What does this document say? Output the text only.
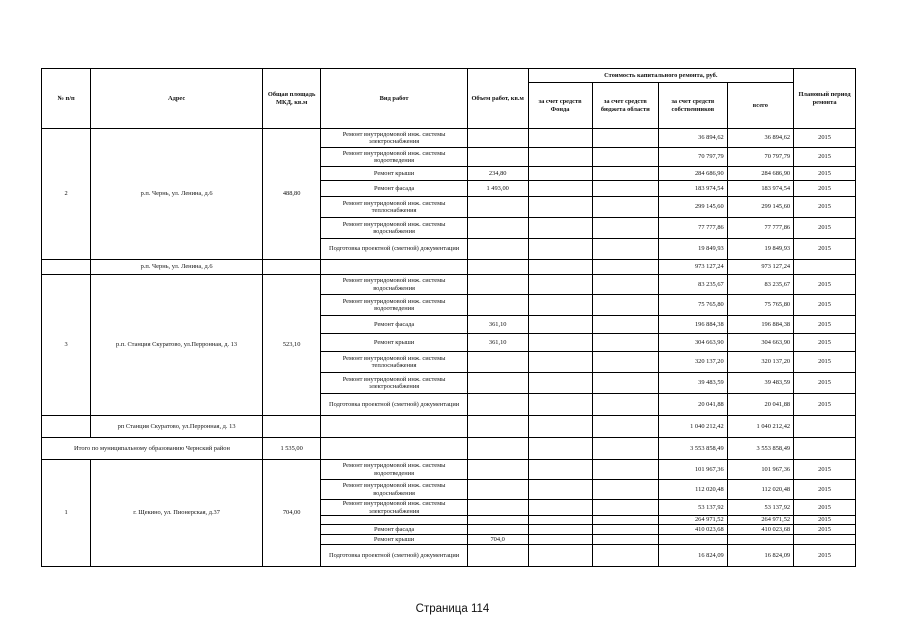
№ п/п	Адрес	Общая площадь МКД, кв.м	Вид работ	Объем работ, кв.м	Стоимость капитального ремонта, руб.				Плановый период ремонта
					за счет средств Фонда	за счет средств бюджета области	за счет средств собственников	всего	
2	р.п. Чернь, ул. Ленина, д.6	488,80	Ремонт внутридомовой инж. системы электроснабжения				36 894,62	36 894,62	2015
			Ремонт внутридомовой инж. системы водоотведения				70 797,79	70 797,79	2015
			Ремонт крыши	234,80			284 686,90	284 686,90	2015
			Ремонт фасада	1 493,00			183 974,54	183 974,54	2015
			Ремонт внутридомовой инж. системы теплоснабжения				299 145,60	299 145,60	2015
			Ремонт внутридомовой инж. системы водоснабжения				77 777,86	77 777,86	2015
			Подготовка проектной (сметной) документации				19 849,93	19 849,93	2015
	р.п. Чернь, ул. Ленина, д.6						973 127,24	973 127,24	
3	р.п. Станция Скуратово, ул.Перронная, д. 13	523,10	Ремонт внутридомовой инж. системы водоснабжения				83 235,67	83 235,67	2015
			Ремонт внутридомовой инж. системы водоотведения				75 765,80	75 765,80	2015
			Ремонт фасада	361,10			196 884,38	196 884,38	2015
			Ремонт крыши	361,10			304 663,90	304 663,90	2015
			Ремонт внутридомовой инж. системы теплоснабжения				320 137,20	320 137,20	2015
			Ремонт внутридомовой инж. системы электроснабжения				39 483,59	39 483,59	2015
			Подготовка проектной (сметной) документации				20 041,88	20 041,88	2015
	рп Станция Скуратово, ул.Перронная, д. 13						1 040 212,42	1 040 212,42	
Итого по муниципальному образованию Чернский район		1 535,00					3 553 858,49	3 553 858,49	
1	г. Щекино, ул. Пионерская, д.37	704,00	Ремонт внутридомовой инж. системы водоотведения				101 967,36	101 967,36	2015
			Ремонт внутридомовой инж. системы водоснабжения				112 020,48	112 020,48	2015
			Ремонт внутридомовой инж. системы электроснабжения				53 137,92	53 137,92	2015
							264 971,52	264 971,52	2015
			Ремонт фасада				410 023,68	410 023,68	2015
			Ремонт крыши	704,0					
			Подготовка проектной (сметной) документации				16 824,09	16 824,09	2015
Страница 114
